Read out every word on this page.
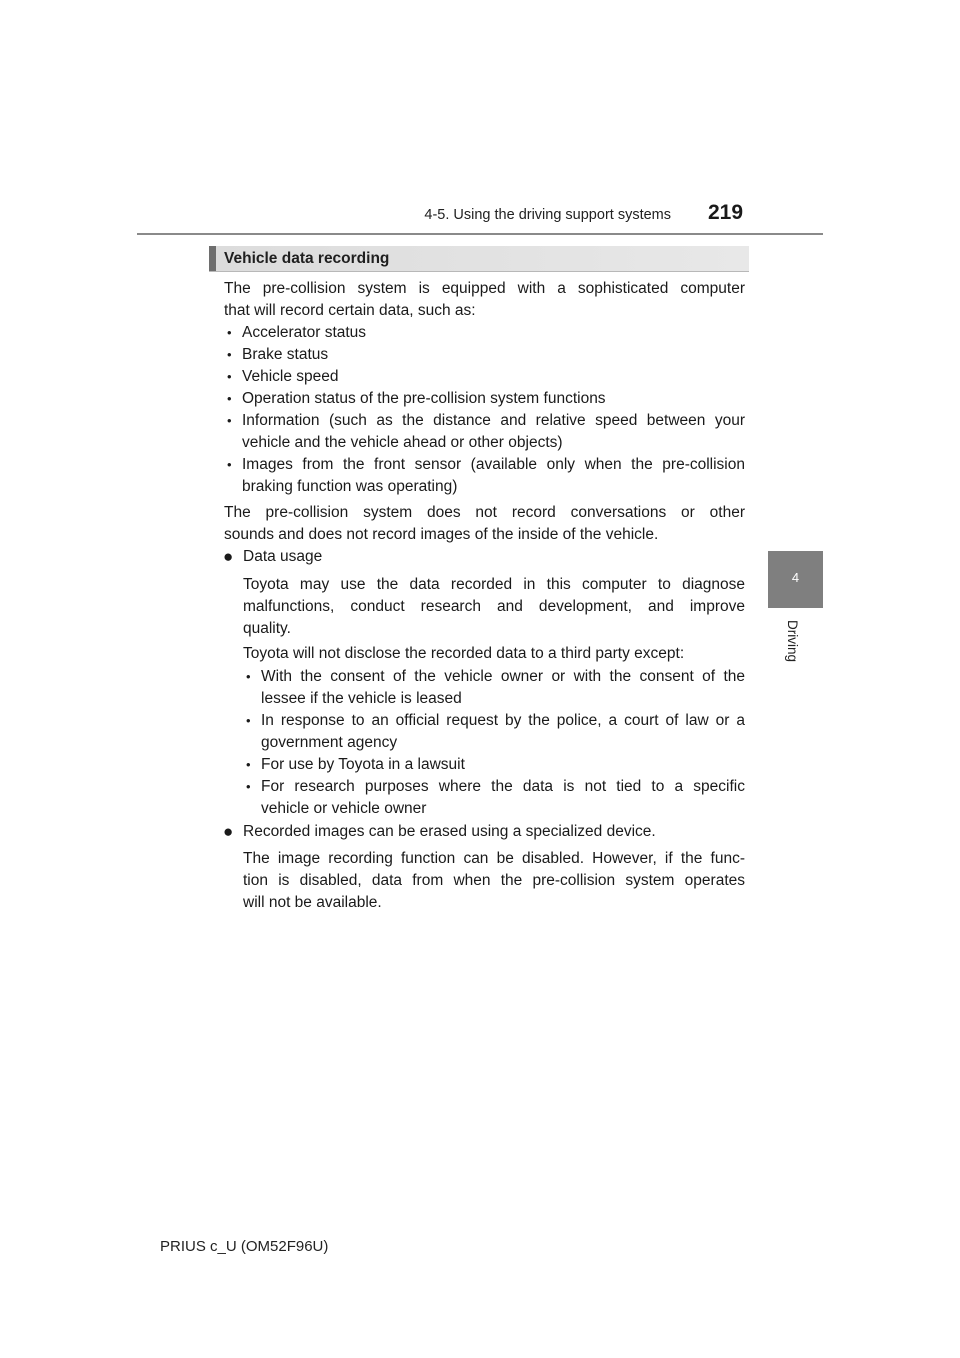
4-5. Using the driving support systems 219
4
Driving
Vehicle data recording
The pre-collision system is equipped with a sophisticated computer
that will record certain data, such as:
• Accelerator status
• Brake status
• Vehicle speed
• Operation status of the pre-collision system functions
• Information (such as the distance and relative speed between your
vehicle and the vehicle ahead or other objects)
• Images from the front sensor (available only when the pre-collision
braking function was operating)
The pre-collision system does not record conversations or other
sounds and does not record images of the inside of the vehicle.
● Data usage
Toyota may use the data recorded in this computer to diagnose
malfunctions, conduct research and development, and improve
quality.
Toyota will not disclose the recorded data to a third party except:
• With the consent of the vehicle owner or with the consent of the
lessee if the vehicle is leased
• In response to an official request by the police, a court of law or a
government agency
• For use by Toyota in a lawsuit
• For research purposes where the data is not tied to a specific
vehicle or vehicle owner
● Recorded images can be erased using a specialized device.
The image recording function can be disabled. However, if the func-
tion is disabled, data from when the pre-collision system operates
will not be available.
PRIUS c_U (OM52F96U)
